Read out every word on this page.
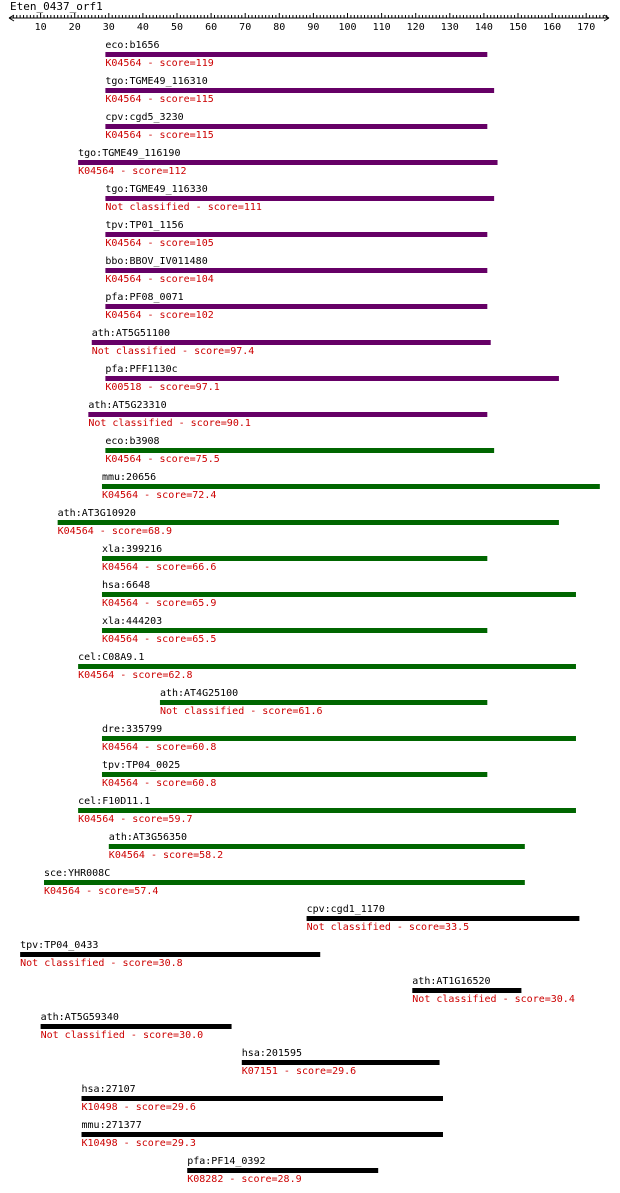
Eten_0437_orf1
10 20 30 40 50 60 70 80 90 100 110 120 130 140 150 160 170
eco:b1656
K04564 - score=119
tgo:TGME49_116310
K04564 - score=115
cpv:cgd5_3230
K04564 - score=115
tgo:TGME49_116190
K04564 - score=112
tgo:TGME49_116330
Not classified - score=111
tpv:TP01_1156
K04564 - score=105
bbo:BBOV_IV011480
K04564 - score=104
pfa:PF08_0071
K04564 - score=102
ath:AT5G51100
Not classified - score=97.4
pfa:PFF1130c
K00518 - score=97.1
ath:AT5G23310
Not classified - score=90.1
eco:b3908
K04564 - score=75.5
mmu:20656
K04564 - score=72.4
ath:AT3G10920
K04564 - score=68.9
xla:399216
K04564 - score=66.6
hsa:6648
K04564 - score=65.9
xla:444203
K04564 - score=65.5
cel:C08A9.1
K04564 - score=62.8
ath:AT4G25100
Not classified - score=61.6
dre:335799
K04564 - score=60.8
tpv:TP04_0025
K04564 - score=60.8
cel:F10D11.1
K04564 - score=59.7
ath:AT3G56350
K04564 - score=58.2
sce:YHR008C
K04564 - score=57.4
cpv:cgd1_1170
Not classified - score=33.5
tpv:TP04_0433
Not classified - score=30.8
ath:AT1G16520
Not classified - score=30.4
ath:AT5G59340
Not classified - score=30.0
hsa:201595
K07151 - score=29.6
hsa:27107
K10498 - score=29.6
mmu:271377
K10498 - score=29.3
pfa:PF14_0392
K08282 - score=28.9
